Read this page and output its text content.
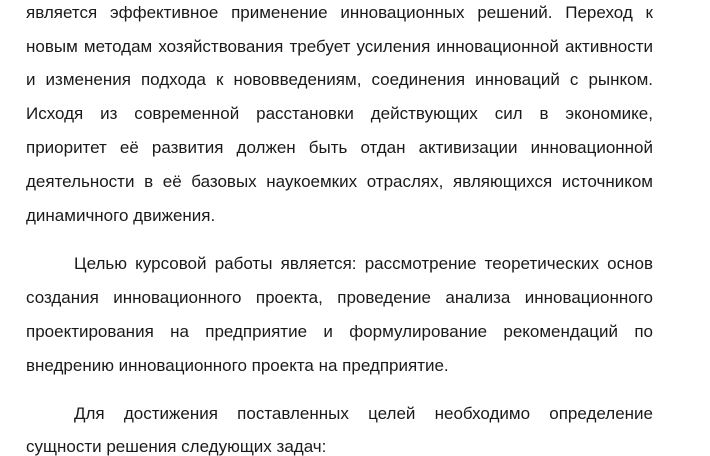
является эффективное применение инновационных решений. Переход к
новым методам хозяйствования требует усиления инновационной активности
и изменения подхода к нововведениям, соединения инноваций с рынком.
Исходя из современной расстановки действующих сил в экономике,
приоритет её развития должен быть отдан активизации инновационной
деятельности в её базовых наукоемких отраслях, являющихся источником
динамичного движения.
Целью курсовой работы является: рассмотрение теоретических основ
создания инновационного проекта, проведение анализа инновационного
проектирования на предприятие и формулирование рекомендаций по
внедрению инновационного проекта на предприятие.
Для достижения поставленных целей необходимо определение
сущности решения следующих задач:
